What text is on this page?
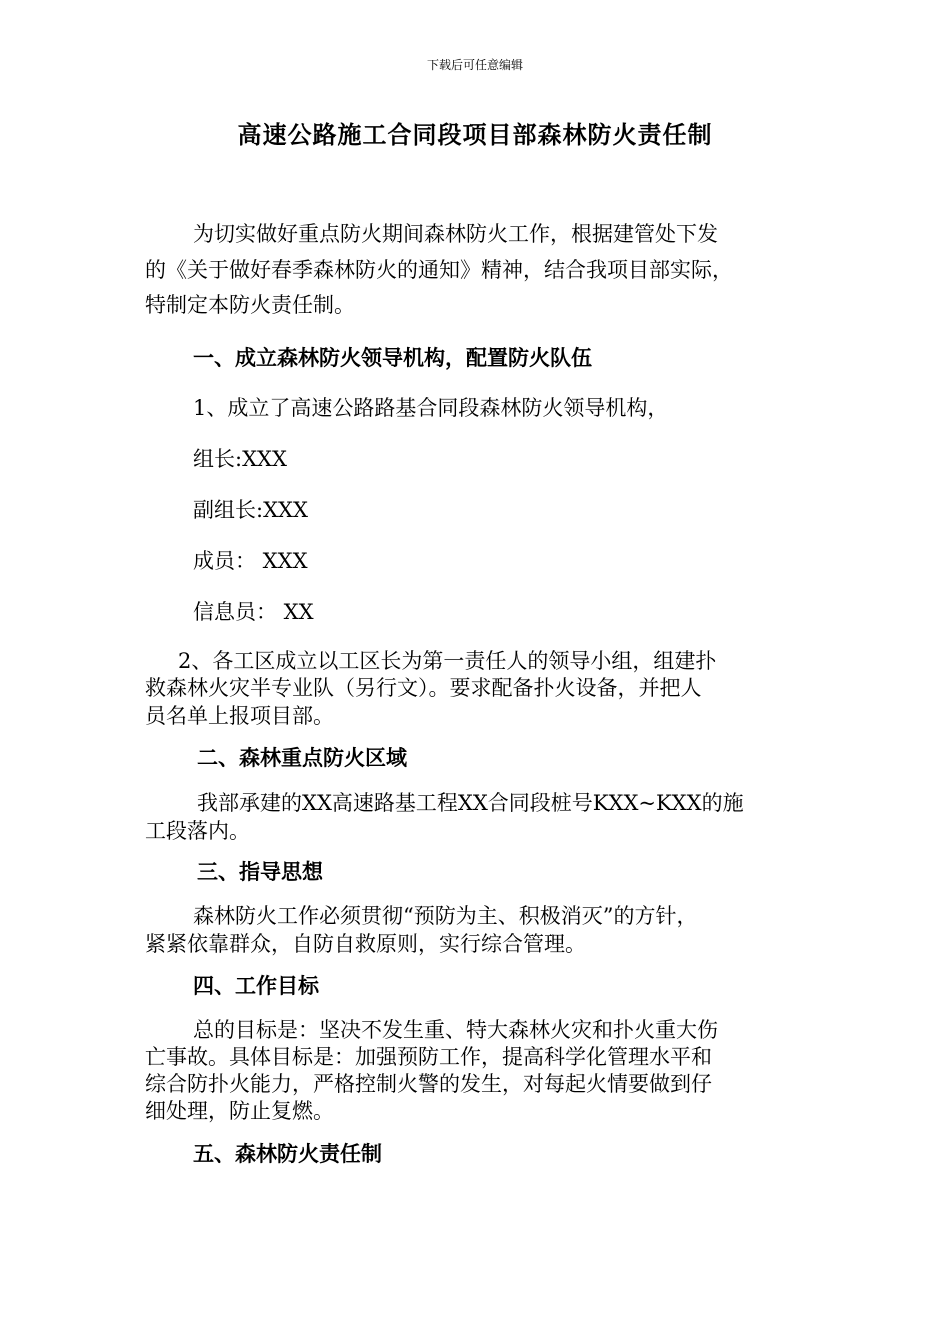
下载后可任意编辑
高速公路施工合同段项目部森林防火责任制
为切实做好重点防火期间森林防火工作，根据建管处下发
的《关于做好春季森林防火的通知》精神，结合我项目部实际，
特制定本防火责任制。
一、成立森林防火领导机构，配置防火队伍
1、成立了高速公路路基合同段森林防火领导机构，
组长:XXX
副组长:XXX
成员： XXX
信息员： XX
2、各工区成立以工区长为第一责任人的领导小组，组建扑
救森林火灾半专业队（另行文）。要求配备扑火设备，并把人
员名单上报项目部。
二、森林重点防火区域
我部承建的XX高速路基工程XX合同段桩号KXX~KXX的施
工段落内。
三、指导思想
森林防火工作必须贯彻“预防为主、积极消灭”的方针，
紧紧依靠群众，自防自救原则，实行综合管理。
四、工作目标
总的目标是：坚决不发生重、特大森林火灾和扑火重大伤
亡事故。具体目标是：加强预防工作，提高科学化管理水平和
综合防扑火能力，严格控制火警的发生，对每起火情要做到仔
细处理，防止复燃。
五、森林防火责任制
